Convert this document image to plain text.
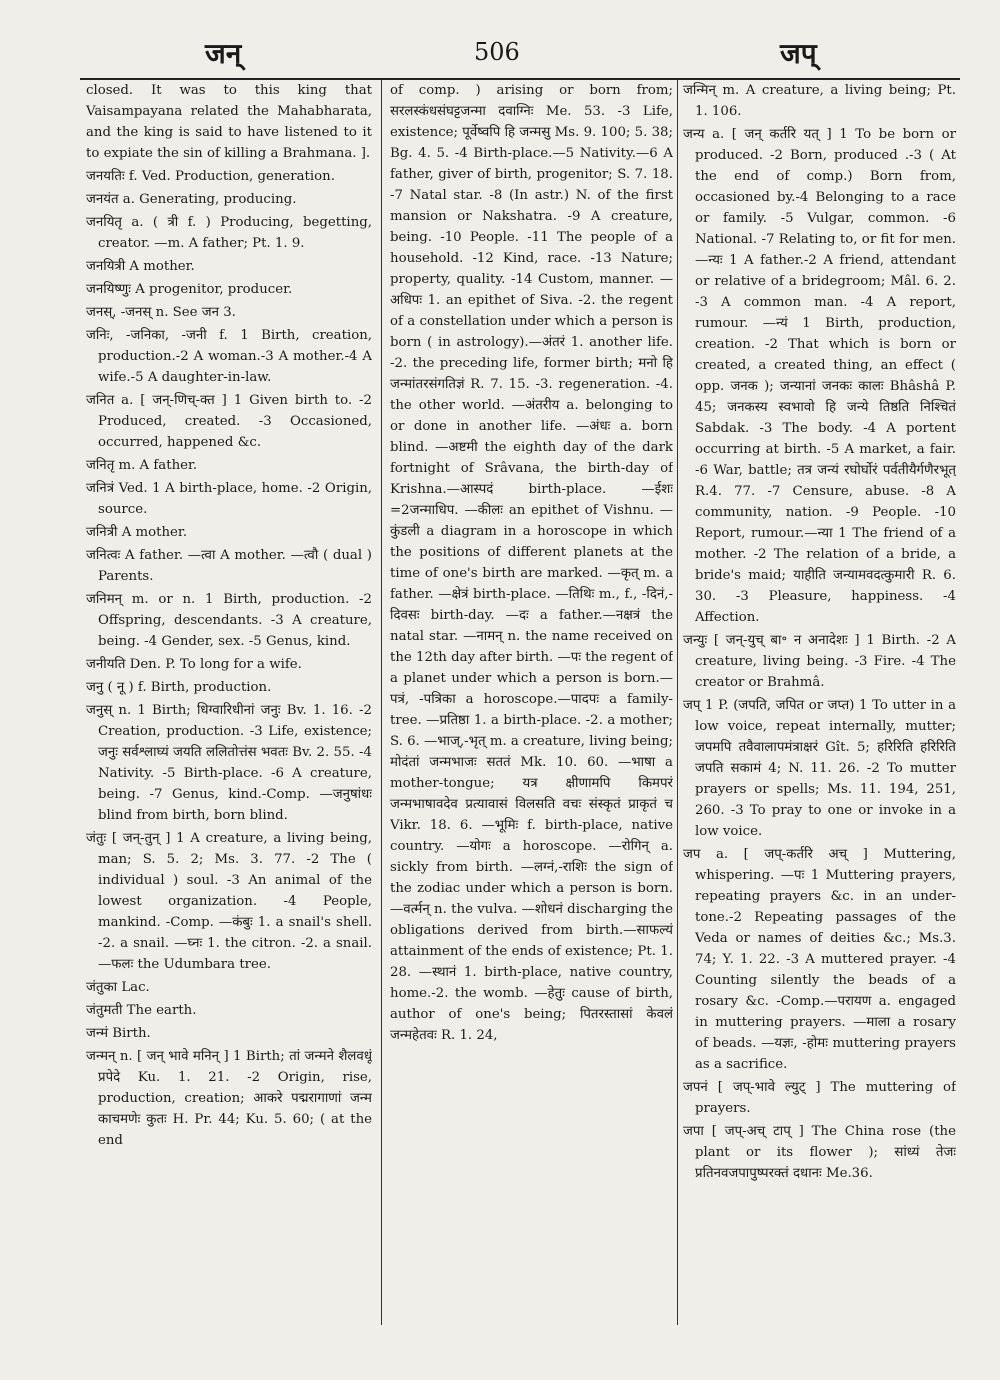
जन्	506	जप्
closed. It was to this king that Vaisampayana related the Mahabharata, and the king is said to have listened to it to expiate the sin of killing a Brahmana. ].
जनयतिः f. Ved. Production, generation.
जनयंत a. Generating, producing.
जनयितृ a. ( त्री f. ) Producing, begetting, creator. —m. A father; Pt. 1. 9.
जनयित्री A mother.
जनयिष्णुः A progenitor, producer.
जनस्, -जनस् n. See जन 3.
जनिः, -जनिका, -जनी f. 1 Birth, creation, production.-2 A woman.-3 A mother.-4 A wife.-5 A daughter-in-law.
जनित a. [ जन्-णिच्-क्त ] 1 Given birth to. -2 Produced, created. -3 Occasioned, occurred, happened &c.
जनितृ m. A father.
जनित्रं Ved. 1 A birth-place, home. -2 Origin, source.
जनित्री A mother.
जनित्वः A father. —त्वा A mother. —त्वौ ( dual ) Parents.
जनिमन् m. or n. 1 Birth, production. -2 Offspring, descendants. -3 A creature, being. -4 Gender, sex. -5 Genus, kind.
जनीयति Den. P. To long for a wife.
जनु ( नू ) f. Birth, production.
जनुस् n. 1 Birth; धिग्वारिधीनां जनुः Bv. 1. 16. -2 Creation, production. -3 Life, existence; जनुः सर्वश्लाघ्यं जयति ललितोत्तंस भवतः Bv. 2. 55. -4 Nativity. -5 Birth-place. -6 A creature, being. -7 Genus, kind.-Comp. —जनुषांधः blind from birth, born blind.
जंतुः [ जन्-तुन् ] 1 A creature, a living being, man; S. 5. 2; Ms. 3. 77. -2 The ( individual ) soul. -3 An animal of the lowest organization. -4 People, mankind. -Comp. —कंबुः 1. a snail's shell. -2. a snail. —घ्नः 1. the citron. -2. a snail. —फलः the Udumbara tree.
जंतुका Lac.
जंतुमती The earth.
जन्मं Birth.
जन्मन् n. [ जन् भावे मनिन् ] 1 Birth; तां जन्मने शैलवधूं प्रपेदे Ku. 1. 21. -2 Origin, rise, production, creation; आकरे पद्मरागाणां जन्म काचमणेः कुतः H. Pr. 44; Ku. 5. 60; ( at the end
of comp. ) arising or born from; सरलस्कंधसंघट्टजन्मा दवाग्निः Me. 53. -3 Life, existence; पूर्वेष्वपि हि जन्मसु Ms. 9. 100; 5. 38; Bg. 4. 5. -4 Birth-place.—5 Nativity.—6 A father, giver of birth, progenitor; S. 7. 18. -7 Natal star. -8 (In astr.) N. of the first mansion or Nakshatra. -9 A creature, being. -10 People. -11 The people of a household. -12 Kind, race. -13 Nature; property, quality. -14 Custom, manner. —अधिपः 1. an epithet of Siva. -2. the regent of a constellation under which a person is born ( in astrology).—अंतरं 1. another life. -2. the preceding life, former birth; मनो हि जन्मांतरसंगतिज्ञं R. 7. 15. -3. regeneration. -4. the other world. —अंतरीय a. belonging to or done in another life. —अंधः a. born blind. —अष्टमी the eighth day of the dark fortnight of Srâvana, the birth-day of Krishna.—आस्पदं birth-place. —ईशः =2जन्माधिप. —कीलः an epithet of Vishnu. —कुंडली a diagram in a horoscope in which the positions of different planets at the time of one's birth are marked. —कृत् m. a father. —क्षेत्रं birth-place. —तिथिः m., f., -दिनं,-दिवसः birth-day. —दः a father.—नक्षत्रं the natal star. —नामन् n. the name received on the 12th day after birth. —पः the regent of a planet under which a person is born.—पत्रं, -पत्रिका a horoscope.—पादपः a family-tree. —प्रतिष्ठा 1. a birth-place. -2. a mother; S. 6. —भाज्,-भृत् m. a creature, living being; मोदंतां जन्मभाजः सततं Mk. 10. 60. —भाषा a mother-tongue; यत्र क्षीणामपि किमपरं जन्मभाषावदेव प्रत्यावासं विलसति वचः संस्कृतं प्राकृतं च Vikr. 18. 6. —भूमिः f. birth-place, native country. —योगः a horoscope. —रोगिन् a. sickly from birth. —लग्नं,-राशिः the sign of the zodiac under which a person is born. —वर्त्मन् n. the vulva. —शोधनं discharging the obligations derived from birth.—साफल्यं attainment of the ends of existence; Pt. 1. 28. —स्थानं 1. birth-place, native country, home.-2. the womb. —हेतुः cause of birth, author of one's being; पितरस्तासां केवलं जन्महेतवः R. 1. 24,
जन्मिन् m. A creature, a living being; Pt. 1. 106.
जन्य a. [ जन् कर्तरि यत् ] 1 To be born or produced. -2 Born, produced .-3 ( At the end of comp.) Born from, occasioned by.-4 Belonging to a race or family. -5 Vulgar, common. -6 National. -7 Relating to, or fit for men. —न्यः 1 A father.-2 A friend, attendant or relative of a bridegroom; Mâl. 6. 2. -3 A common man. -4 A report, rumour. —न्यं 1 Birth, production, creation. -2 That which is born or created, a created thing, an effect ( opp. जनक ); जन्यानां जनकः कालः Bhâshâ P. 45; जनकस्य स्वभावो हि जन्ये तिष्ठति निश्चितं Sabdak. -3 The body. -4 A portent occurring at birth. -5 A market, a fair. -6 War, battle; तत्र जन्यं रघोर्घोरं पर्वतीयैर्गणैरभूत् R.4. 77. -7 Censure, abuse. -8 A community, nation. -9 People. -10 Report, rumour.—न्या 1 The friend of a mother. -2 The relation of a bride, a bride's maid; याहीति जन्यामवदत्कुमारी R. 6. 30. -3 Pleasure, happiness. -4 Affection.
जन्युः [ जन्-युच् बा॰ न अनादेशः ] 1 Birth. -2 A creature, living being. -3 Fire. -4 The creator or Brahmâ.
जप् 1 P. (जपति, जपित or जप्त) 1 To utter in a low voice, repeat internally, mutter; जपमपि तवैवालापमंत्राक्षरं Gît. 5; हरिरिति हरिरिति जपति सकामं 4; N. 11. 26. -2 To mutter prayers or spells; Ms. 11. 194, 251, 260. -3 To pray to one or invoke in a low voice.
जप a. [ जप्-कर्तरि अच् ] Muttering, whispering. —पः 1 Muttering prayers, repeating prayers &c. in an under-tone.-2 Repeating passages of the Veda or names of deities &c.; Ms.3. 74; Y. 1. 22. -3 A muttered prayer. -4 Counting silently the beads of a rosary &c. -Comp.—परायण a. engaged in muttering prayers. —माला a rosary of beads. —यज्ञः, -होमः muttering prayers as a sacrifice.
जपनं [ जप्-भावे ल्युट् ] The muttering of prayers.
जपा [ जप्-अच् टाप् ] The China rose (the plant or its flower ); सांध्यं तेजः प्रतिनवजपापुष्परक्तं दधानः Me.36.
